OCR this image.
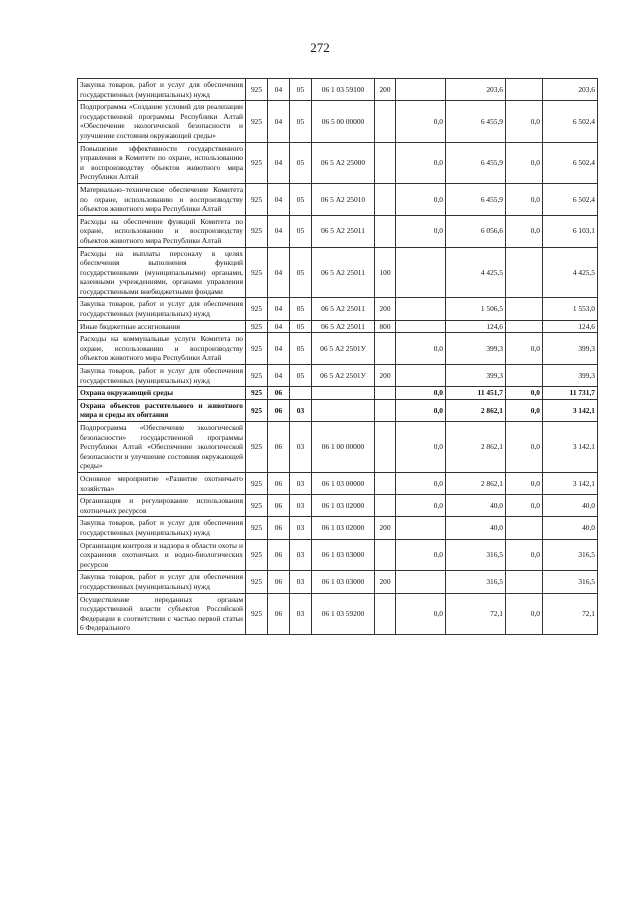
272
Закупка товаров, работ и услуг для обеспечения государственных (муниципальных) нужд	925	04	05	06 1 03 59100	200		203,6		203,6
Подпрограмма «Создание условий для реализации государственной программы Республики Алтай «Обеспечение экологической безопасности и улучшение состояния окружающей среды»	925	04	05	06 5 00 00000		0,0	6 455,9	0,0	6 502,4
Повышение эффективности государственного управления в Комитете по охране, использованию и воспроизводству объектов животного мира Республики Алтай	925	04	05	06 5 А2 25000		0,0	6 455,9	0,0	6 502,4
Материально–техническое обеспечение Комитета по охране, использованию и воспроизводству объектов животного мира Республики Алтай	925	04	05	06 5 А2 25010		0,0	6 455,9	0,0	6 502,4
Расходы на обеспечение функций Комитета по охране, использованию и воспроизводству объектов животного мира Республики Алтай	925	04	05	06 5 А2 25011		0,0	6 056,6	0,0	6 103,1
Расходы на выплаты персоналу в целях обеспечения выполнения функций государственными (муниципальными) органами, казенными учреждениями, органами управления государственными внебюджетными фондами	925	04	05	06 5 А2 25011	100		4 425,5		4 425,5
Закупка товаров, работ и услуг для обеспечения государственных (муниципальных) нужд	925	04	05	06 5 А2 25011	200		1 506,5		1 553,0
Иные бюджетные ассигнования	925	04	05	06 5 А2 25011	800		124,6		124,6
Расходы на коммунальные услуги Комитета по охране, использованию и воспроизводству объектов животного мира Республики Алтай	925	04	05	06 5 А2 2501У		0,0	399,3	0,0	399,3
Закупка товаров, работ и услуг для обеспечения государственных (муниципальных) нужд	925	04	05	06 5 А2 2501У	200		399,3		399,3
Охрана окружающей среды	925	06				0,0	11 451,7	0,0	11 731,7
Охрана объектов растительного и животного мира и среды их обитания	925	06	03			0,0	2 862,1	0,0	3 142,1
Подпрограмма «Обеспечение экологической безопасности» государственной программы Республики Алтай «Обеспечение экологической безопасности и улучшение состояния окружающей среды»	925	06	03	06 1 00 00000		0,0	2 862,1	0,0	3 142,1
Основное мероприятие «Развитие охотничьего хозяйства»	925	06	03	06 1 03 00000		0,0	2 862,1	0,0	3 142,1
Организация и регулирование использования охотничьих ресурсов	925	06	03	06 1 03 02000		0,0	40,0	0,0	40,0
Закупка товаров, работ и услуг для обеспечения государственных (муниципальных) нужд	925	06	03	06 1 03 02000	200		40,0		40,0
Организация контроля и надзора в области охоты и сохранения охотничьих и водно-биологических ресурсов	925	06	03	06 1 03 03000		0,0	316,5	0,0	316,5
Закупка товаров, работ и услуг для обеспечения государственных (муниципальных) нужд	925	06	03	06 1 03 03000	200		316,5		316,5
Осуществление переданных органам государственной власти субъектов Российской Федерации в соответствии с частью первой статьи 6 Федерального	925	06	03	06 1 03 59200		0,0	72,1	0,0	72,1
